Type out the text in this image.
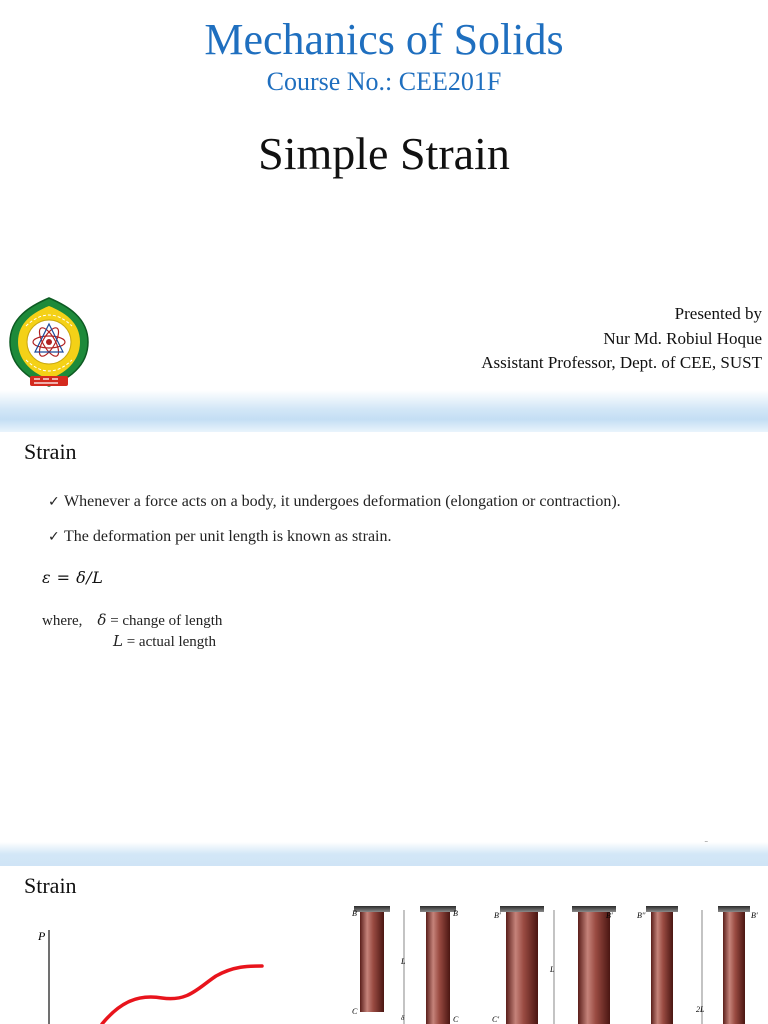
Mechanics of Solids
Course No.: CEE201F
Simple Strain
Presented by
Nur Md. Robiul Hoque
Assistant Professor, Dept. of CEE, SUST
Strain
✓ Whenever a force acts on a body, it undergoes deformation (elongation or contraction).
✓ The deformation per unit length is known as strain.
ε = δ/L
where, δ = change of length
L = actual length
Strain
P
B
C
L
δ
B
C
B'
C'
L
B'	B''
2L
B'
